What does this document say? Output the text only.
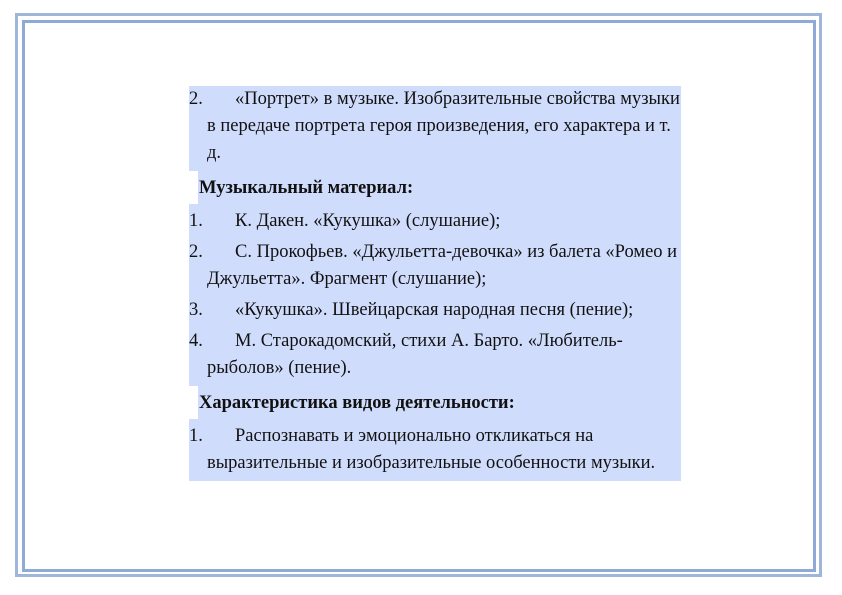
2.	«Портрет» в музыке. Изобразительные свойства музыки в передаче портрета героя произведения, его характера и т. д.
Музыкальный материал:
1.	К. Дакен. «Кукушка» (слушание);
2.	С. Прокофьев. «Джульетта-девочка» из балета «Ромео и Джульетта». Фрагмент (слушание);
3.	«Кукушка». Швейцарская народная песня (пение);
4.	М. Старокадомский, стихи А. Барто. «Любитель-рыболов» (пение).
Характеристика видов деятельности:
1.	Распознавать и эмоционально откликаться на выразительные и изобразительные особенности музыки.
